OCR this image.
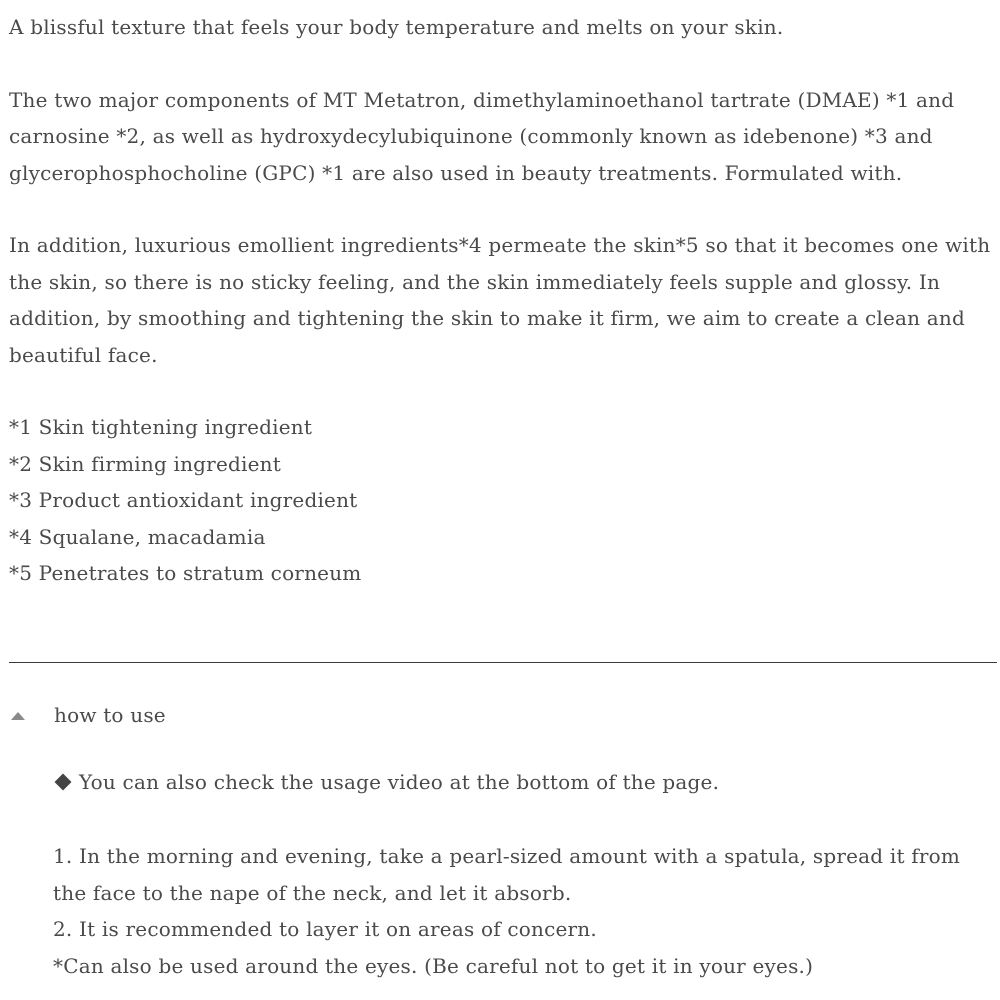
A blissful texture that feels your body temperature and melts on your skin.

The two major components of MT Metatron, dimethylaminoethanol tartrate (DMAE) *1 and carnosine *2, as well as hydroxydecylubiquinone (commonly known as idebenone) *3 and glycerophosphocholine (GPC) *1 are also used in beauty treatments. Formulated with.

In addition, luxurious emollient ingredients*4 permeate the skin*5 so that it becomes one with the skin, so there is no sticky feeling, and the skin immediately feels supple and glossy. In addition, by smoothing and tightening the skin to make it firm, we aim to create a clean and beautiful face.

*1 Skin tightening ingredient
*2 Skin firming ingredient
*3 Product antioxidant ingredient
*4 Squalane, macadamia
*5 Penetrates to stratum corneum
how to use
You can also check the usage video at the bottom of the page.
1. In the morning and evening, take a pearl-sized amount with a spatula, spread it from the face to the nape of the neck, and let it absorb.
2. It is recommended to layer it on areas of concern.
*Can also be used around the eyes. (Be careful not to get it in your eyes.)
